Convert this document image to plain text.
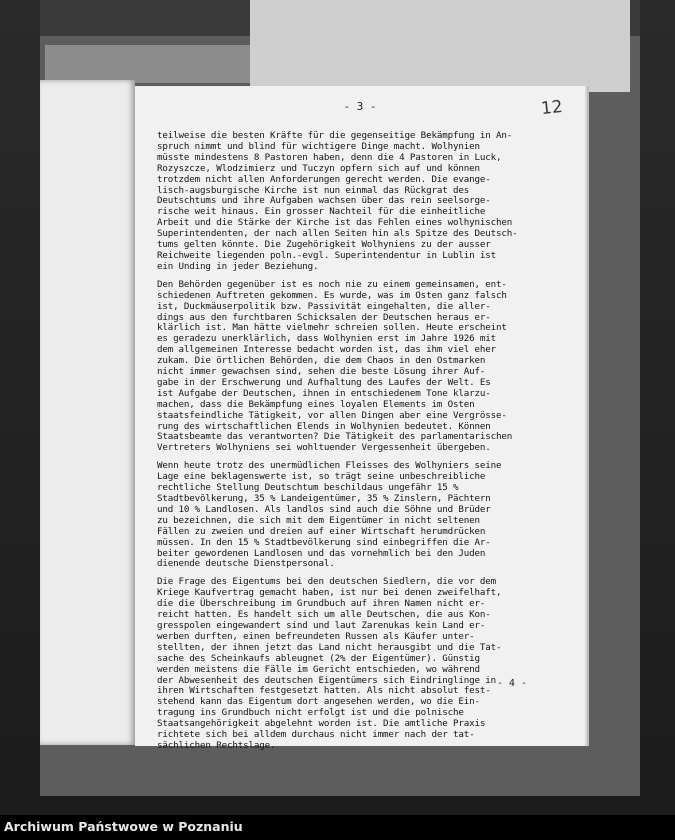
- 3 -	12
teilweise die besten Kräfte für die gegenseitige Bekämpfung in An-
spruch nimmt und blind für wichtigere Dinge macht. Wolhynien
müsste mindestens 8 Pastoren haben, denn die 4 Pastoren in Luck,
Rozyszcze, Wlodzimierz und Tuczyn opfern sich auf und können
trotzdem nicht allen Anforderungen gerecht werden. Die evange-
lisch-augsburgische Kirche ist nun einmal das Rückgrat des
Deutschtums und ihre Aufgaben wachsen über das rein seelsorge-
rische weit hinaus. Ein grosser Nachteil für die einheitliche
Arbeit und die Stärke der Kirche ist das Fehlen eines wolhynischen
Superintendenten, der nach allen Seiten hin als Spitze des Deutsch-
tums gelten könnte. Die Zugehörigkeit Wolhyniens zu der ausser
Reichweite liegenden poln.-evgl. Superintendentur in Lublin ist
ein Unding in jeder Beziehung.
Den Behörden gegenüber ist es noch nie zu einem gemeinsamen, ent-
schiedenen Auftreten gekommen. Es wurde, was im Osten ganz falsch
ist, Duckmäuserpolitik bzw. Passivität eingehalten, die aller-
dings aus den furchtbaren Schicksalen der Deutschen heraus er-
klärlich ist. Man hätte vielmehr schreien sollen. Heute erscheint
es geradezu unerklärlich, dass Wolhynien erst im Jahre 1926 mit
dem allgemeinen Interesse bedacht worden ist, das ihm viel eher
zukam. Die örtlichen Behörden, die dem Chaos in den Ostmarken
nicht immer gewachsen sind, sehen die beste Lösung ihrer Auf-
gabe in der Erschwerung und Aufhaltung des Laufes der Welt. Es
ist Aufgabe der Deutschen, ihnen in entschiedenem Tone klarzu-
machen, dass die Bekämpfung eines loyalen Elements im Osten
staatsfeindliche Tätigkeit, vor allen Dingen aber eine Vergrösse-
rung des wirtschaftlichen Elends in Wolhynien bedeutet. Können
Staatsbeamte das verantworten? Die Tätigkeit des parlamentarischen
Vertreters Wolhyniens sei wohltuender Vergessenheit übergeben.
Wenn heute trotz des unermüdlichen Fleisses des Wolhyniers seine
Lage eine beklagenswerte ist, so trägt seine unbeschreibliche
rechtliche Stellung Deutschtum beschildaus ungefähr 15 %
Stadtbevölkerung, 35 % Landeigentümer, 35 % Zinslern, Pächtern
und 10 % Landlosen. Als landlos sind auch die Söhne und Brüder
zu bezeichnen, die sich mit dem Eigentümer in nicht seltenen
Fällen zu zweien und dreien auf einer Wirtschaft herumdrücken
müssen. In den 15 % Stadtbevölkerung sind einbegriffen die Ar-
beiter gewordenen Landlosen und das vornehmlich bei den Juden
dienende deutsche Dienstpersonal.
Die Frage des Eigentums bei den deutschen Siedlern, die vor dem
Kriege Kaufvertrag gemacht haben, ist nur bei denen zweifelhaft,
die die Überschreibung im Grundbuch auf ihren Namen nicht er-
reicht hatten. Es handelt sich um alle Deutschen, die aus Kon-
gresspolen eingewandert sind und laut Zarenukas kein Land er-
werben durften, einen befreundeten Russen als Käufer unter-
stellten, der ihnen jetzt das Land nicht herausgibt und die Tat-
sache des Scheinkaufs ableugnet (2% der Eigentümer). Günstig
werden meistens die Fälle im Gericht entschieden, wo während
der Abwesenheit des deutschen Eigentümers sich Eindringlinge in
ihren Wirtschaften festgesetzt hatten. Als nicht absolut fest-
stehend kann das Eigentum dort angesehen werden, wo die Ein-
tragung ins Grundbuch nicht erfolgt ist und die polnische
Staatsangehörigkeit abgelehnt worden ist. Die amtliche Praxis
richtete sich bei alldem durchaus nicht immer nach der tat-
sächlichen Rechtslage.
- 4 -
Archiwum Państwowe w Poznaniu
